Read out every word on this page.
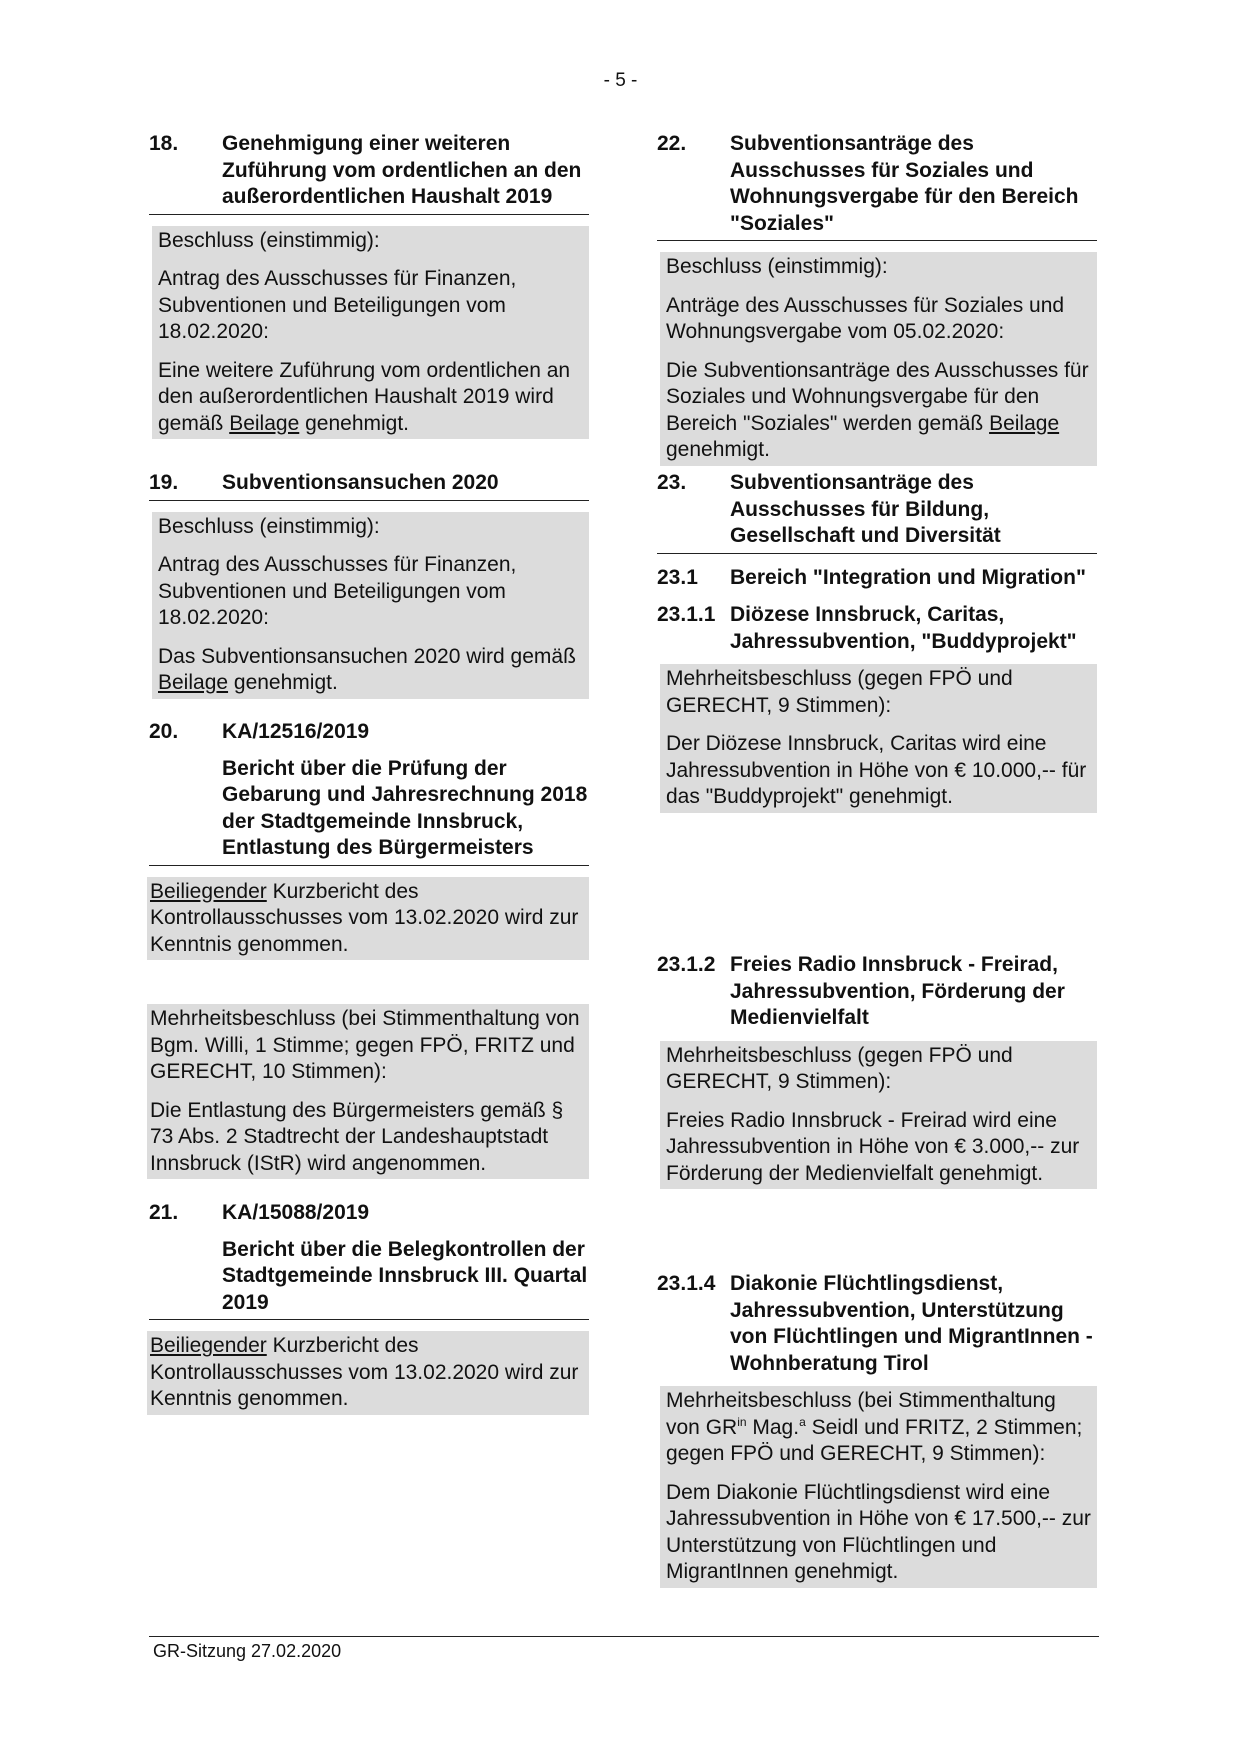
- 5 -
18.	Genehmigung einer weiteren Zuführung vom ordentlichen an den außerordentlichen Haushalt 2019

Beschluss (einstimmig):

Antrag des Ausschusses für Finanzen, Subventionen und Beteiligungen vom 18.02.2020:

Eine weitere Zuführung vom ordentlichen an den außerordentlichen Haushalt 2019 wird gemäß Beilage genehmigt.

19.	Subventionsansuchen 2020

Beschluss (einstimmig):

Antrag des Ausschusses für Finanzen, Subventionen und Beteiligungen vom 18.02.2020:

Das Subventionsansuchen 2020 wird gemäß Beilage genehmigt.

20.	KA/12516/2019
Bericht über die Prüfung der Gebarung und Jahresrechnung 2018 der Stadtgemeinde Innsbruck, Entlastung des Bürgermeisters

Beiliegender Kurzbericht des Kontrollausschusses vom 13.02.2020 wird zur Kenntnis genommen.

Mehrheitsbeschluss (bei Stimmenthaltung von Bgm. Willi, 1 Stimme; gegen FPÖ, FRITZ und GERECHT, 10 Stimmen):

Die Entlastung des Bürgermeisters gemäß § 73 Abs. 2 Stadtrecht der Landeshauptstadt Innsbruck (IStR) wird angenommen.

21.	KA/15088/2019
Bericht über die Belegkontrollen der Stadtgemeinde Innsbruck III. Quartal 2019

Beiliegender Kurzbericht des Kontrollausschusses vom 13.02.2020 wird zur Kenntnis genommen.

22.	Subventionsanträge des Ausschusses für Soziales und Wohnungsvergabe für den Bereich "Soziales"

Beschluss (einstimmig):

Anträge des Ausschusses für Soziales und Wohnungsvergabe vom 05.02.2020:

Die Subventionsanträge des Ausschusses für Soziales und Wohnungsvergabe für den Bereich "Soziales" werden gemäß Beilage genehmigt.

23.	Subventionsanträge des Ausschusses für Bildung, Gesellschaft und Diversität
23.1	Bereich "Integration und Migration"
23.1.1 Diözese Innsbruck, Caritas, Jahressubvention, "Buddyprojekt"

Mehrheitsbeschluss (gegen FPÖ und GERECHT, 9 Stimmen):

Der Diözese Innsbruck, Caritas wird eine Jahressubvention in Höhe von € 10.000,-- für das "Buddyprojekt" genehmigt.

23.1.2 Freies Radio Innsbruck - Freirad, Jahressubvention, Förderung der Medienvielfalt

Mehrheitsbeschluss (gegen FPÖ und GERECHT, 9 Stimmen):

Freies Radio Innsbruck - Freirad wird eine Jahressubvention in Höhe von € 3.000,-- zur Förderung der Medienvielfalt genehmigt.

23.1.4 Diakonie Flüchtlingsdienst, Jahressubvention, Unterstützung von Flüchtlingen und MigrantInnen - Wohnberatung Tirol

Mehrheitsbeschluss (bei Stimmenthaltung von $GR^{in}$ Mag.$^a$ Seidl und FRITZ, 2 Stimmen; gegen FPÖ und GERECHT, 9 Stimmen):

Dem Diakonie Flüchtlingsdienst wird eine Jahressubvention in Höhe von € 17.500,-- zur Unterstützung von Flüchtlingen und MigrantInnen genehmigt.

GR-Sitzung 27.02.2020
